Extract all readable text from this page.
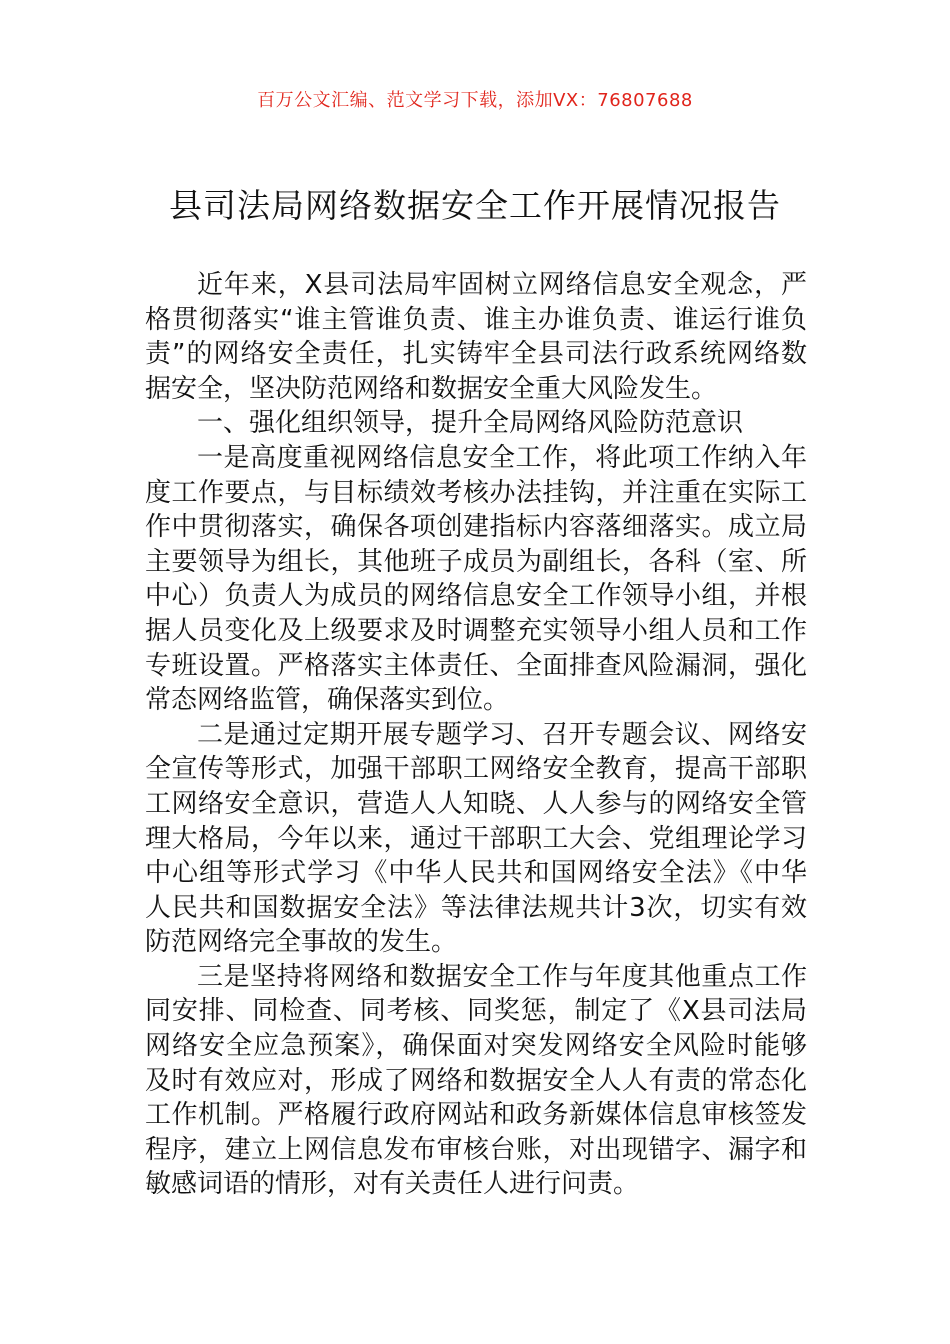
百万公文汇编、范文学习下载，添加VX：76807688
县司法局网络数据安全工作开展情况报告

近年来，X县司法局牢固树立网络信息安全观念，严格贯彻落实“谁主管谁负责、谁主办谁负责、谁运行谁负责”的网络安全责任，扎实铸牢全县司法行政系统网络数据安全，坚决防范网络和数据安全重大风险发生。

一、强化组织领导，提升全局网络风险防范意识

一是高度重视网络信息安全工作，将此项工作纳入年度工作要点，与目标绩效考核办法挂钩，并注重在实际工作中贯彻落实，确保各项创建指标内容落细落实。成立局主要领导为组长，其他班子成员为副组长，各科（室、所中心）负责人为成员的网络信息安全工作领导小组，并根据人员变化及上级要求及时调整充实领导小组人员和工作专班设置。严格落实主体责任、全面排查风险漏洞，强化常态网络监管，确保落实到位。

二是通过定期开展专题学习、召开专题会议、网络安全宣传等形式，加强干部职工网络安全教育，提高干部职工网络安全意识，营造人人知晓、人人参与的网络安全管理大格局，今年以来，通过干部职工大会、党组理论学习中心组等形式学习《中华人民共和国网络安全法》《中华人民共和国数据安全法》等法律法规共计3次，切实有效防范网络完全事故的发生。

三是坚持将网络和数据安全工作与年度其他重点工作同安排、同检查、同考核、同奖惩，制定了《X县司法局网络安全应急预案》，确保面对突发网络安全风险时能够及时有效应对，形成了网络和数据安全人人有责的常态化工作机制。严格履行政府网站和政务新媒体信息审核签发程序，建立上网信息发布审核台账，对出现错字、漏字和敏感词语的情形，对有关责任人进行问责。
